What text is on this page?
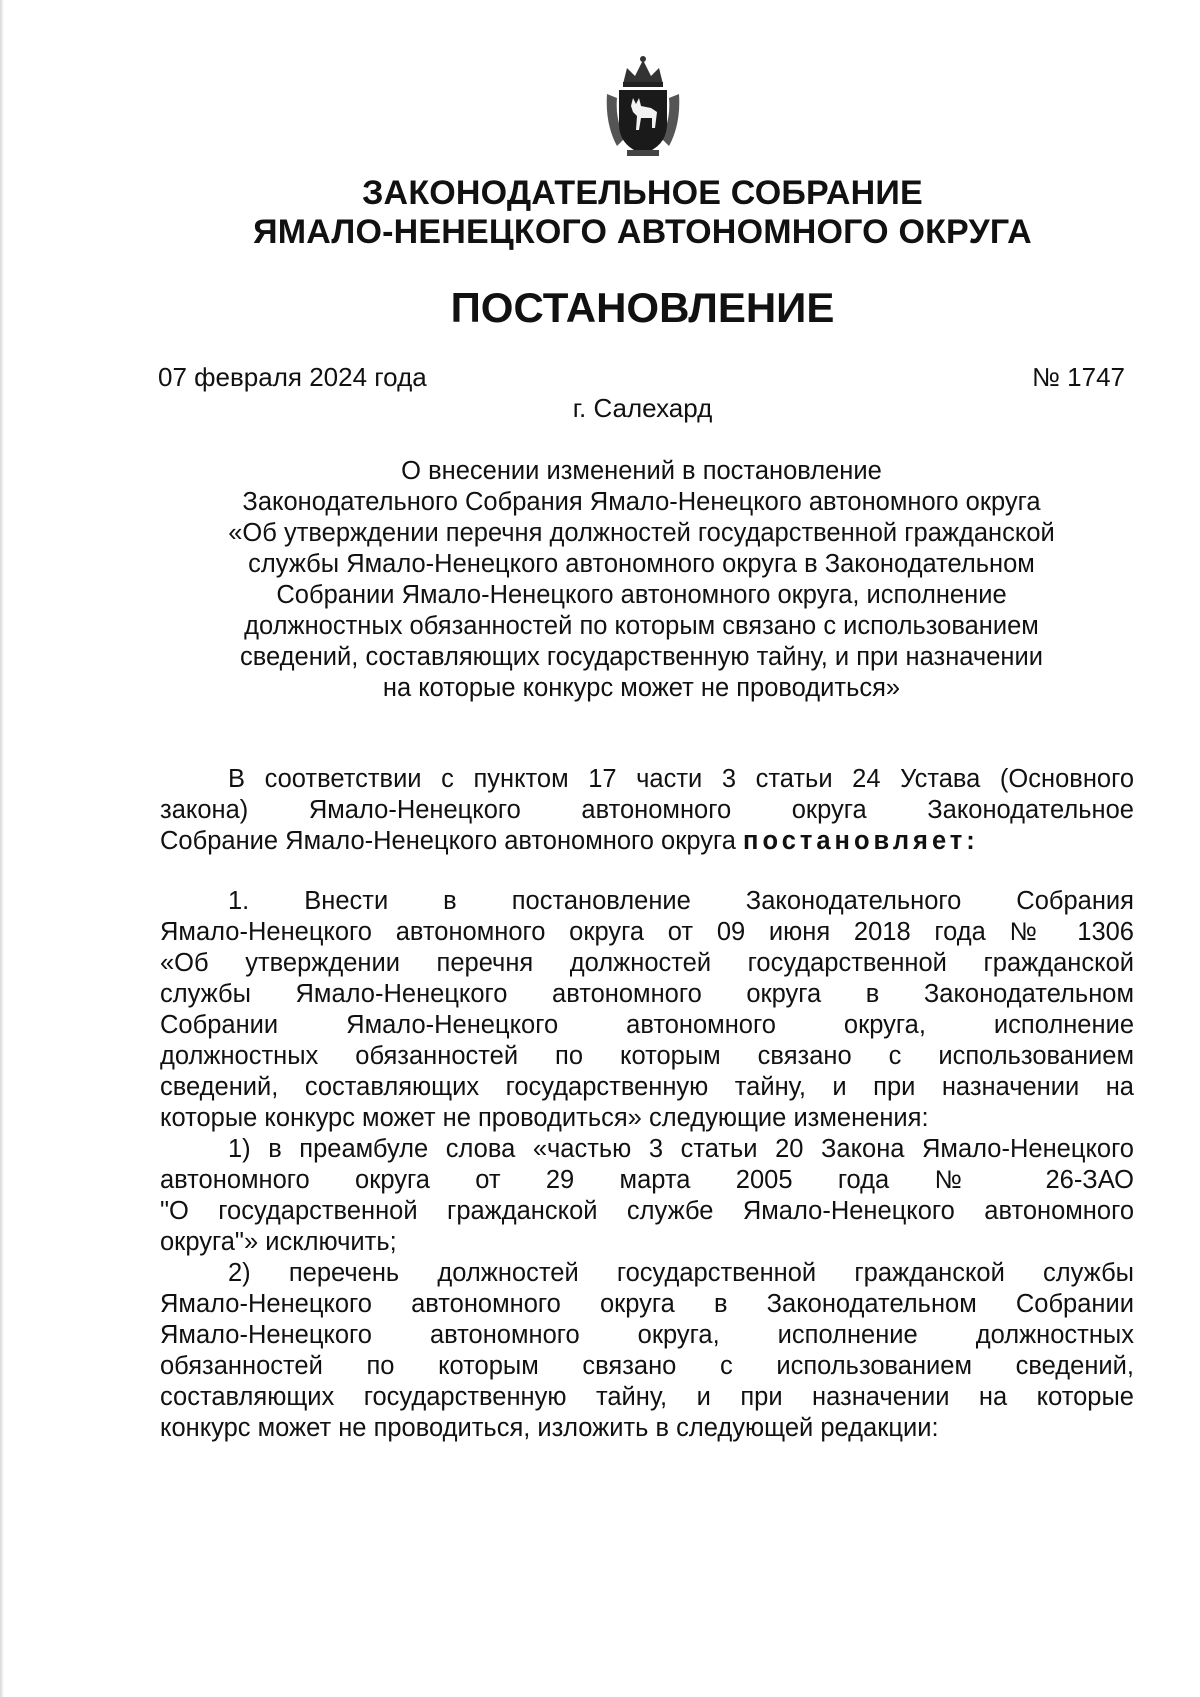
ЗАКОНОДАТЕЛЬНОЕ СОБРАНИЕ
ЯМАЛО-НЕНЕЦКОГО АВТОНОМНОГО ОКРУГА
ПОСТАНОВЛЕНИЕ
07 февраля 2024 года	№ 1747
г. Салехард
О внесении изменений в постановление
Законодательного Собрания Ямало-Ненецкого автономного округа
«Об утверждении перечня должностей государственной гражданской
службы Ямало-Ненецкого автономного округа в Законодательном
Собрании Ямало-Ненецкого автономного округа, исполнение
должностных обязанностей по которым связано с использованием
сведений, составляющих государственную тайну, и при назначении
на которые конкурс может не проводиться»
В соответствии с пунктом 17 части 3 статьи 24 Устава (Основного
закона) Ямало-Ненецкого автономного округа Законодательное
Собрание Ямало-Ненецкого автономного округа постановляет:
1. Внести в постановление Законодательного Собрания
Ямало-Ненецкого автономного округа от 09 июня 2018 года № 1306
«Об утверждении перечня должностей государственной гражданской
службы Ямало-Ненецкого автономного округа в Законодательном
Собрании Ямало-Ненецкого автономного округа, исполнение
должностных обязанностей по которым связано с использованием
сведений, составляющих государственную тайну, и при назначении на
которые конкурс может не проводиться» следующие изменения:
1) в преамбуле слова «частью 3 статьи 20 Закона Ямало-Ненецкого
автономного округа от 29 марта 2005 года № 26-ЗАО
"О государственной гражданской службе Ямало-Ненецкого автономного
округа"» исключить;
2) перечень должностей государственной гражданской службы
Ямало-Ненецкого автономного округа в Законодательном Собрании
Ямало-Ненецкого автономного округа, исполнение должностных
обязанностей по которым связано с использованием сведений,
составляющих государственную тайну, и при назначении на которые
конкурс может не проводиться, изложить в следующей редакции:
